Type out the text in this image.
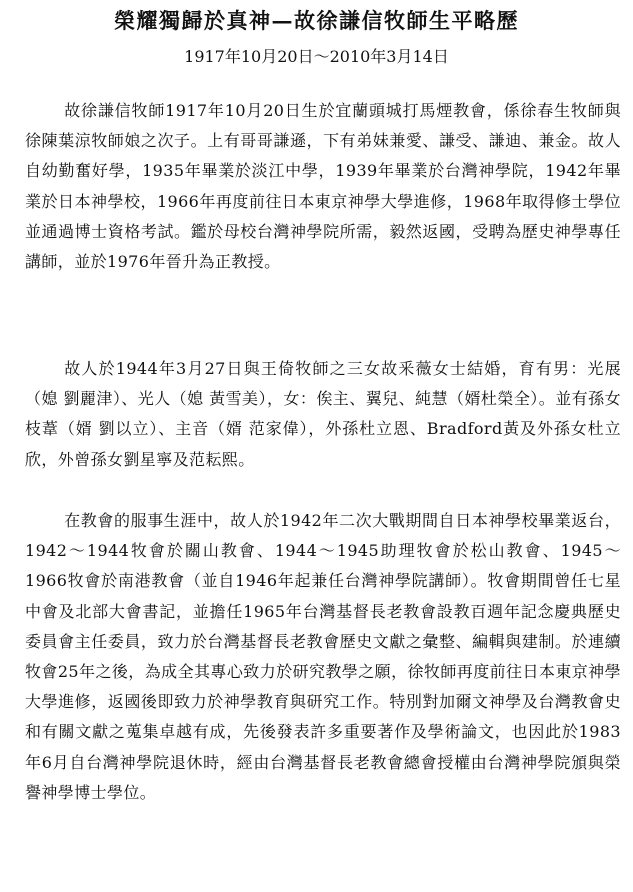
榮耀獨歸於真神—故徐謙信牧師生平略歷

1917年10月20日～2010年3月14日

故徐謙信牧師1917年10月20日生於宜蘭頭城打馬煙教會，係徐春生牧師與徐陳葉涼牧師娘之次子。上有哥哥謙遜，下有弟妹兼愛、謙受、謙迪、兼金。故人自幼勤奮好學，1935年畢業於淡江中學，1939年畢業於台灣神學院，1942年畢業於日本神學校，1966年再度前往日本東京神學大學進修，1968年取得修士學位並通過博士資格考試。鑑於母校台灣神學院所需，毅然返國，受聘為歷史神學專任講師，並於1976年晉升為正教授。

故人於1944年3月27日與王倚牧師之三女故釆薇女士結婚，育有男：光展（媳 劉麗津）、光人（媳 黃雪美），女：俟主、翼兒、純慧（婿杜榮全）。並有孫女枝葦（婿 劉以立）、主音（婿 范家偉），外孫杜立恩、Bradford黃及外孫女杜立欣，外曾孫女劉星寧及范耘熙。

在教會的服事生涯中，故人於1942年二次大戰期間自日本神學校畢業返台，1942～1944牧會於關山教會、1944～1945助理牧會於松山教會、1945～1966牧會於南港教會（並自1946年起兼任台灣神學院講師）。牧會期間曾任七星中會及北部大會書記，並擔任1965年台灣基督長老教會設教百週年記念慶典歷史委員會主任委員，致力於台灣基督長老教會歷史文獻之彙整、編輯與建制。於連續牧會25年之後，為成全其專心致力於研究教學之願，徐牧師再度前往日本東京神學大學進修，返國後即致力於神學教育與研究工作。特別對加爾文神學及台灣教會史和有關文獻之蒐集卓越有成，先後發表許多重要著作及學術論文，也因此於1983年6月自台灣神學院退休時，經由台灣基督長老教會總會授權由台灣神學院頒與榮譽神學博士學位。
